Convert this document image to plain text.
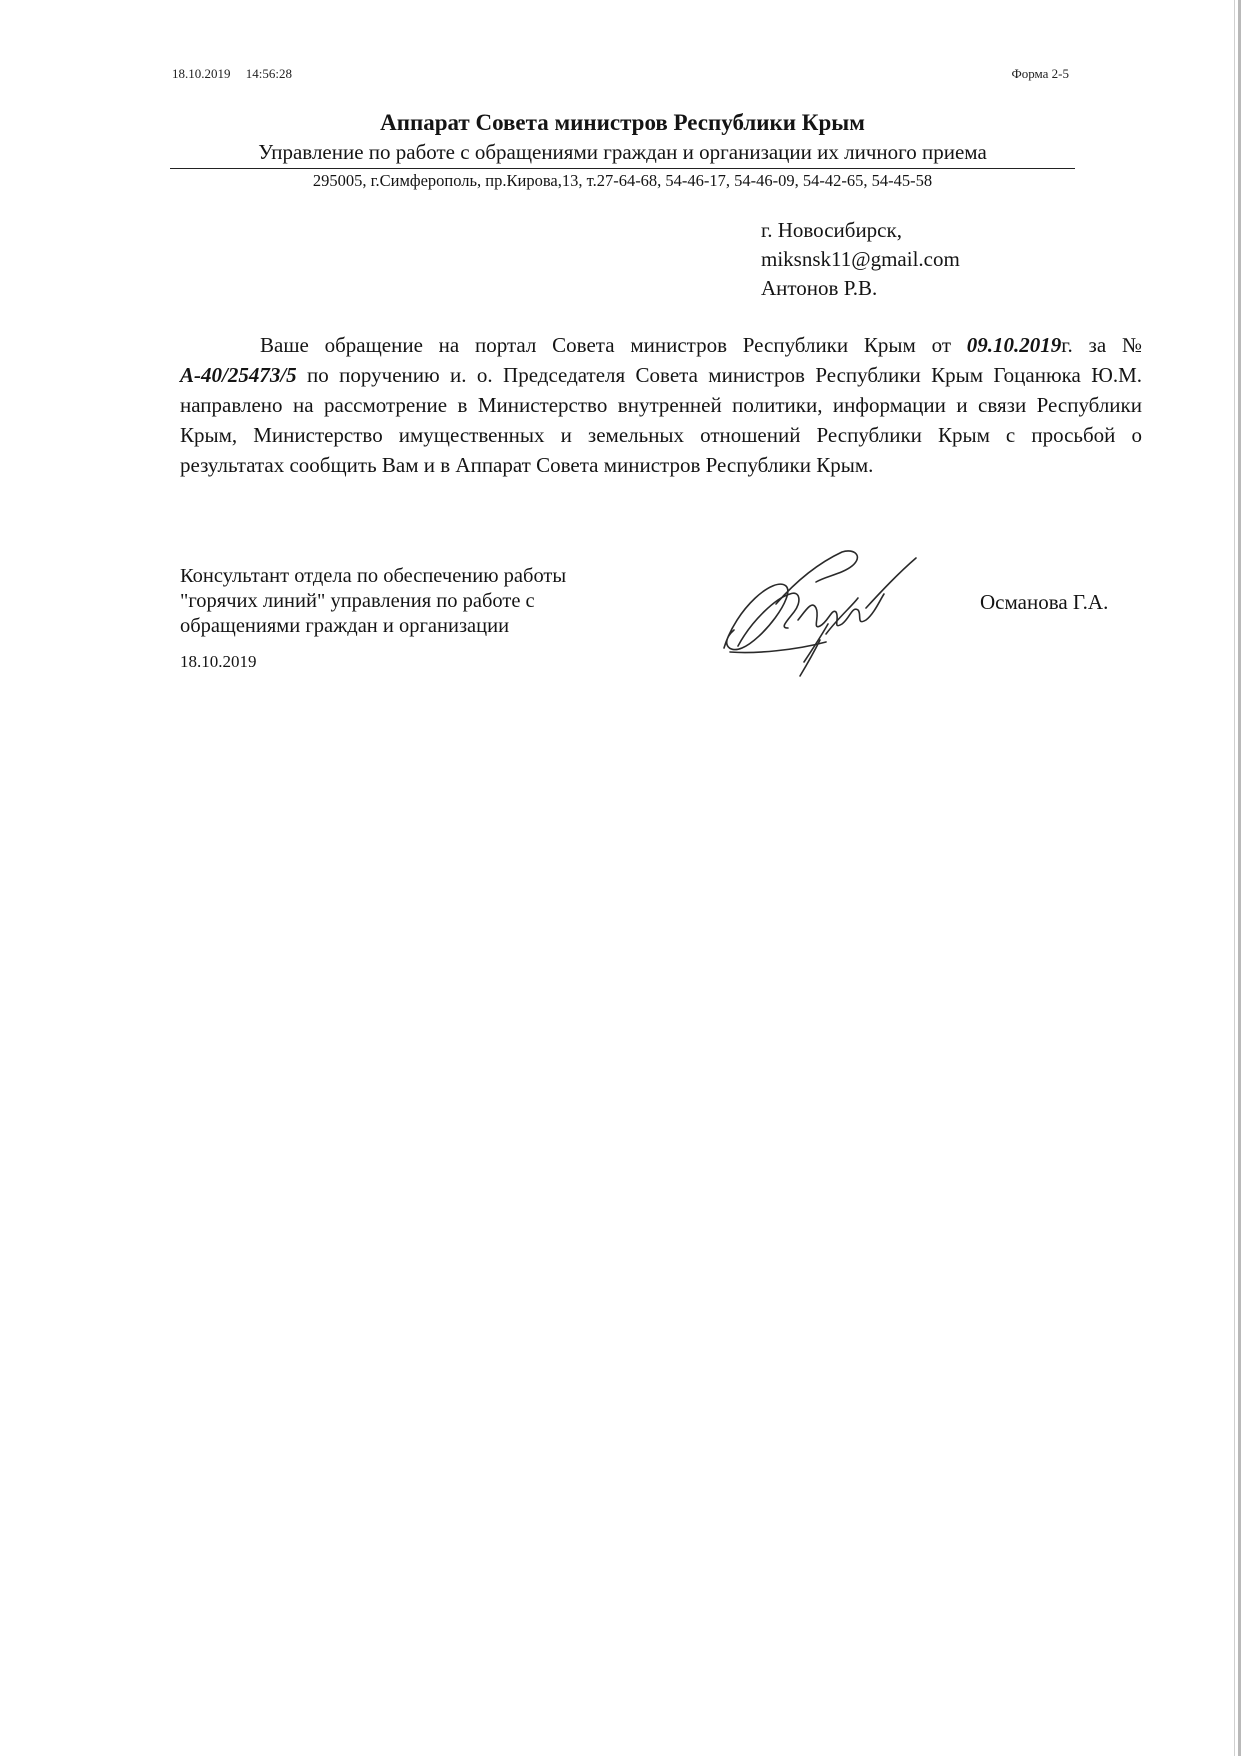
18.10.2019 14:56:28	Форма 2-5
Аппарат Совета министров Республики Крым
Управление по работе с обращениями граждан и организации их личного приема
295005, г.Симферополь, пр.Кирова,13, т.27-64-68, 54-46-17, 54-46-09, 54-42-65, 54-45-58
г. Новосибирск,
miksnsk11@gmail.com
Антонов Р.В.

Ваше обращение на портал Совета министров Республики Крым от 09.10.2019г. за № А-40/25473/5 по поручению и. о. Председателя Совета министров Республики Крым Гоцанюка Ю.М. направлено на рассмотрение в Министерство внутренней политики, информации и связи Республики Крым, Министерство имущественных и земельных отношений Республики Крым с просьбой о результатах сообщить Вам и в Аппарат Совета министров Республики Крым.

Консультант отдела по обеспечению работы
"горячих линий" управления по работе с
обращениями граждан и организации
18.10.2019
Османова Г.А.
